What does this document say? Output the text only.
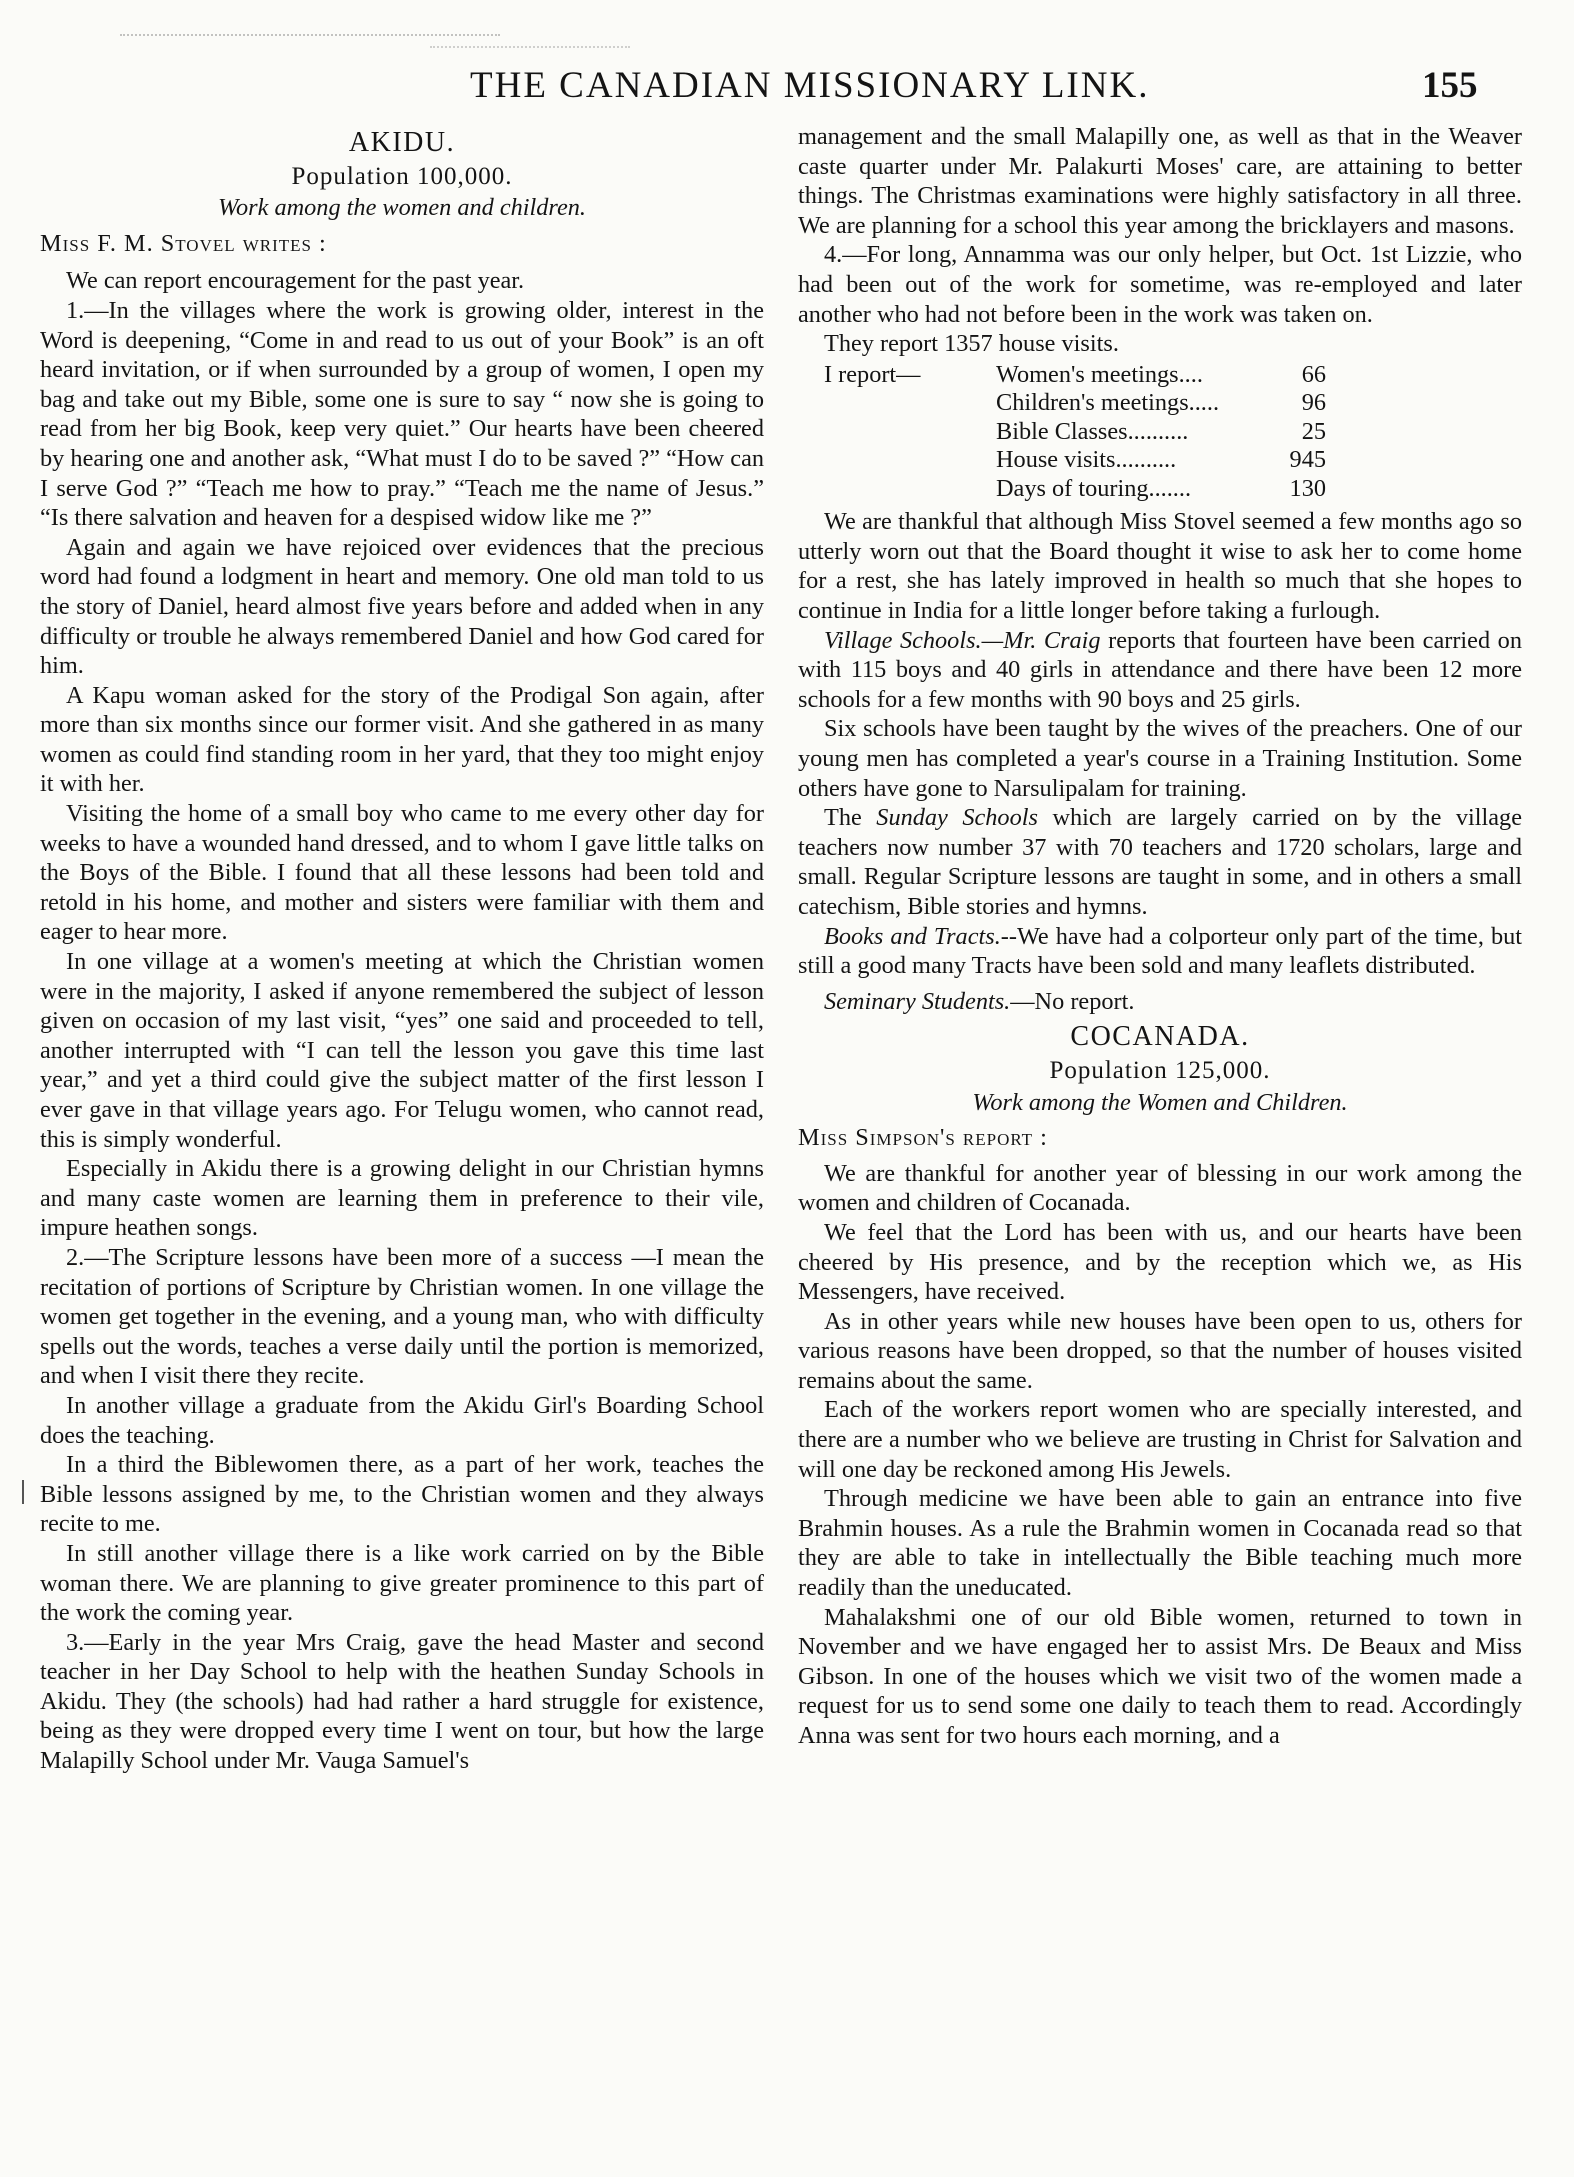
THE CANADIAN MISSIONARY LINK.	155

AKIDU.

Population 100,000.

Work among the women and children.

Miss F. M. Stovel writes :

We can report encouragement for the past year.

1.—In the villages where the work is growing older, interest in the Word is deepening, “Come in and read to us out of your Book” is an oft heard invitation, or if when surrounded by a group of women, I open my bag and take out my Bible, some one is sure to say “ now she is going to read from her big Book, keep very quiet.” Our hearts have been cheered by hearing one and another ask, “What must I do to be saved ?” “How can I serve God ?” “Teach me how to pray.” “Teach me the name of Jesus.” “Is there salvation and heaven for a despised widow like me ?”

Again and again we have rejoiced over evidences that the precious word had found a lodgment in heart and memory. One old man told to us the story of Daniel, heard almost five years before and added when in any difficulty or trouble he always remembered Daniel and how God cared for him.

A Kapu woman asked for the story of the Prodigal Son again, after more than six months since our former visit. And she gathered in as many women as could find standing room in her yard, that they too might enjoy it with her.

Visiting the home of a small boy who came to me every other day for weeks to have a wounded hand dressed, and to whom I gave little talks on the Boys of the Bible. I found that all these lessons had been told and retold in his home, and mother and sisters were familiar with them and eager to hear more.

In one village at a women's meeting at which the Christian women were in the majority, I asked if anyone remembered the subject of lesson given on occasion of my last visit, “yes” one said and proceeded to tell, another interrupted with “I can tell the lesson you gave this time last year,” and yet a third could give the subject matter of the first lesson I ever gave in that village years ago. For Telugu women, who cannot read, this is simply wonderful.

Especially in Akidu there is a growing delight in our Christian hymns and many caste women are learning them in preference to their vile, impure heathen songs.

2.—The Scripture lessons have been more of a success —I mean the recitation of portions of Scripture by Christian women. In one village the women get together in the evening, and a young man, who with difficulty spells out the words, teaches a verse daily until the portion is memorized, and when I visit there they recite.

In another village a graduate from the Akidu Girl's Boarding School does the teaching.

In a third the Biblewomen there, as a part of her work, teaches the Bible lessons assigned by me, to the Christian women and they always recite to me.

In still another village there is a like work carried on by the Bible woman there. We are planning to give greater prominence to this part of the work the coming year.

3.—Early in the year Mrs Craig, gave the head Master and second teacher in her Day School to help with the heathen Sunday Schools in Akidu. They (the schools) had had rather a hard struggle for existence, being as they were dropped every time I went on tour, but how the large Malapilly School under Mr. Vauga Samuel's

management and the small Malapilly one, as well as that in the Weaver caste quarter under Mr. Palakurti Moses' care, are attaining to better things. The Christmas examinations were highly satisfactory in all three. We are planning for a school this year among the bricklayers and masons.

4.—For long, Annamma was our only helper, but Oct. 1st Lizzie, who had been out of the work for sometime, was re-employed and later another who had not before been in the work was taken on.

They report 1357 house visits.

I report—	Women's meetings....	66
	Children's meetings.....	96
	Bible Classes..........	25
	House visits..........	945
	Days of touring.......	130

We are thankful that although Miss Stovel seemed a few months ago so utterly worn out that the Board thought it wise to ask her to come home for a rest, she has lately improved in health so much that she hopes to continue in India for a little longer before taking a furlough.

Village Schools.—Mr. Craig reports that fourteen have been carried on with 115 boys and 40 girls in attendance and there have been 12 more schools for a few months with 90 boys and 25 girls.

Six schools have been taught by the wives of the preachers. One of our young men has completed a year's course in a Training Institution. Some others have gone to Narsulipalam for training.

The Sunday Schools which are largely carried on by the village teachers now number 37 with 70 teachers and 1720 scholars, large and small. Regular Scripture lessons are taught in some, and in others a small catechism, Bible stories and hymns.

Books and Tracts.--We have had a colporteur only part of the time, but still a good many Tracts have been sold and many leaflets distributed.

Seminary Students.—No report.

COCANADA.

Population 125,000.

Work among the Women and Children.

Miss Simpson's report :

We are thankful for another year of blessing in our work among the women and children of Cocanada.

We feel that the Lord has been with us, and our hearts have been cheered by His presence, and by the reception which we, as His Messengers, have received.

As in other years while new houses have been open to us, others for various reasons have been dropped, so that the number of houses visited remains about the same.

Each of the workers report women who are specially interested, and there are a number who we believe are trusting in Christ for Salvation and will one day be reckoned among His Jewels.

Through medicine we have been able to gain an entrance into five Brahmin houses. As a rule the Brahmin women in Cocanada read so that they are able to take in intellectually the Bible teaching much more readily than the uneducated.

Mahalakshmi one of our old Bible women, returned to town in November and we have engaged her to assist Mrs. De Beaux and Miss Gibson. In one of the houses which we visit two of the women made a request for us to send some one daily to teach them to read. Accordingly Anna was sent for two hours each morning, and a
